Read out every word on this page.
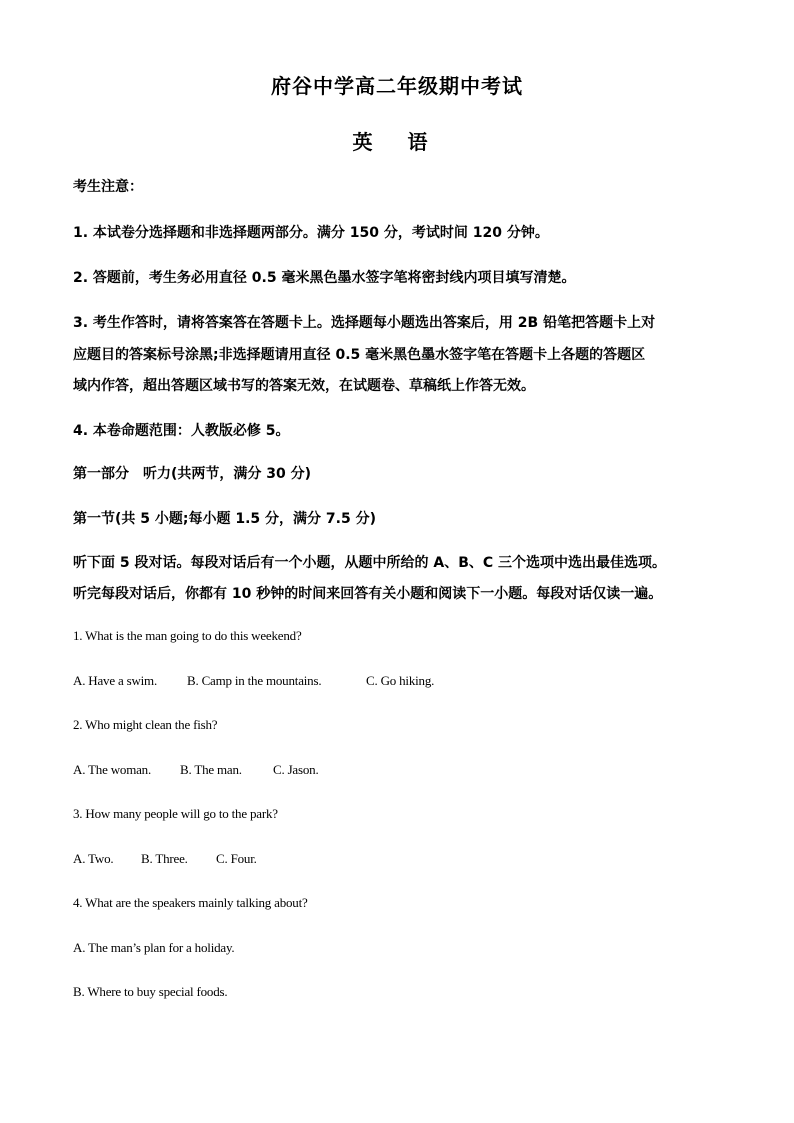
府谷中学高二年级期中考试
英 语
考生注意：
1. 本试卷分选择题和非选择题两部分。满分 150 分，考试时间 120 分钟。
2. 答题前，考生务必用直径 0.5 毫米黑色墨水签字笔将密封线内项目填写清楚。
3. 考生作答时，请将答案答在答题卡上。选择题每小题选出答案后，用 2B 铅笔把答题卡上对
应题目的答案标号涂黑;非选择题请用直径 0.5 毫米黑色墨水签字笔在答题卡上各题的答题区
域内作答，超出答题区域书写的答案无效，在试题卷、草稿纸上作答无效。
4. 本卷命题范围：人教版必修 5。
第一部分　听力(共两节，满分 30 分)
第一节(共 5 小题;每小题 1.5 分，满分 7.5 分)
听下面 5 段对话。每段对话后有一个小题，从题中所给的 A、B、C 三个选项中选出最佳选项。
听完每段对话后，你都有 10 秒钟的时间来回答有关小题和阅读下一小题。每段对话仅读一遍。
1. What is the man going to do this weekend?
A. Have a swim. B. Camp in the mountains.	C. Go hiking.
2. Who might clean the fish?
A. The woman. B. The man. C. Jason.
3. How many people will go to the park?
A. Two. B. Three. C. Four.
4. What are the speakers mainly talking about?
A. The man’s plan for a holiday.
B. Where to buy special foods.
